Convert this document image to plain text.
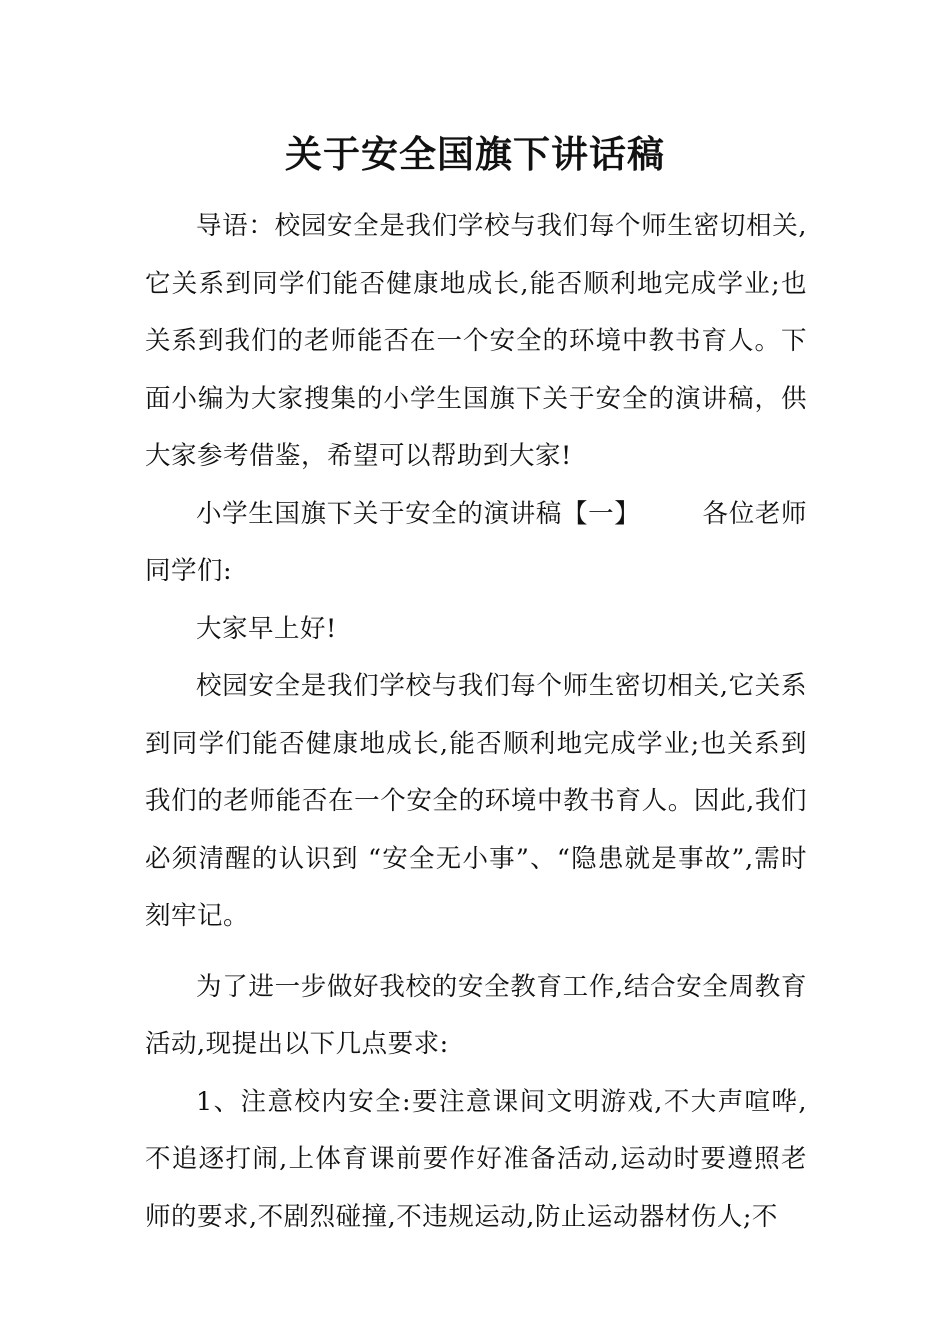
关于安全国旗下讲话稿

导语：校园安全是我们学校与我们每个师生密切相关,它关系到同学们能否健康地成长,能否顺利地完成学业;也关系到我们的老师能否在一个安全的环境中教书育人。下面小编为大家搜集的小学生国旗下关于安全的演讲稿，供大家参考借鉴，希望可以帮助到大家!

小学生国旗下关于安全的演讲稿【一】 各位老师同学们:

大家早上好!

校园安全是我们学校与我们每个师生密切相关,它关系到同学们能否健康地成长,能否顺利地完成学业;也关系到我们的老师能否在一个安全的环境中教书育人。因此,我们必须清醒的认识到 “安全无小事”、“隐患就是事故”,需时刻牢记。

为了进一步做好我校的安全教育工作,结合安全周教育活动,现提出以下几点要求:

1、注意校内安全:要注意课间文明游戏,不大声喧哗,不追逐打闹,上体育课前要作好准备活动,运动时要遵照老师的要求,不剧烈碰撞,不违规运动,防止运动器材伤人;不
